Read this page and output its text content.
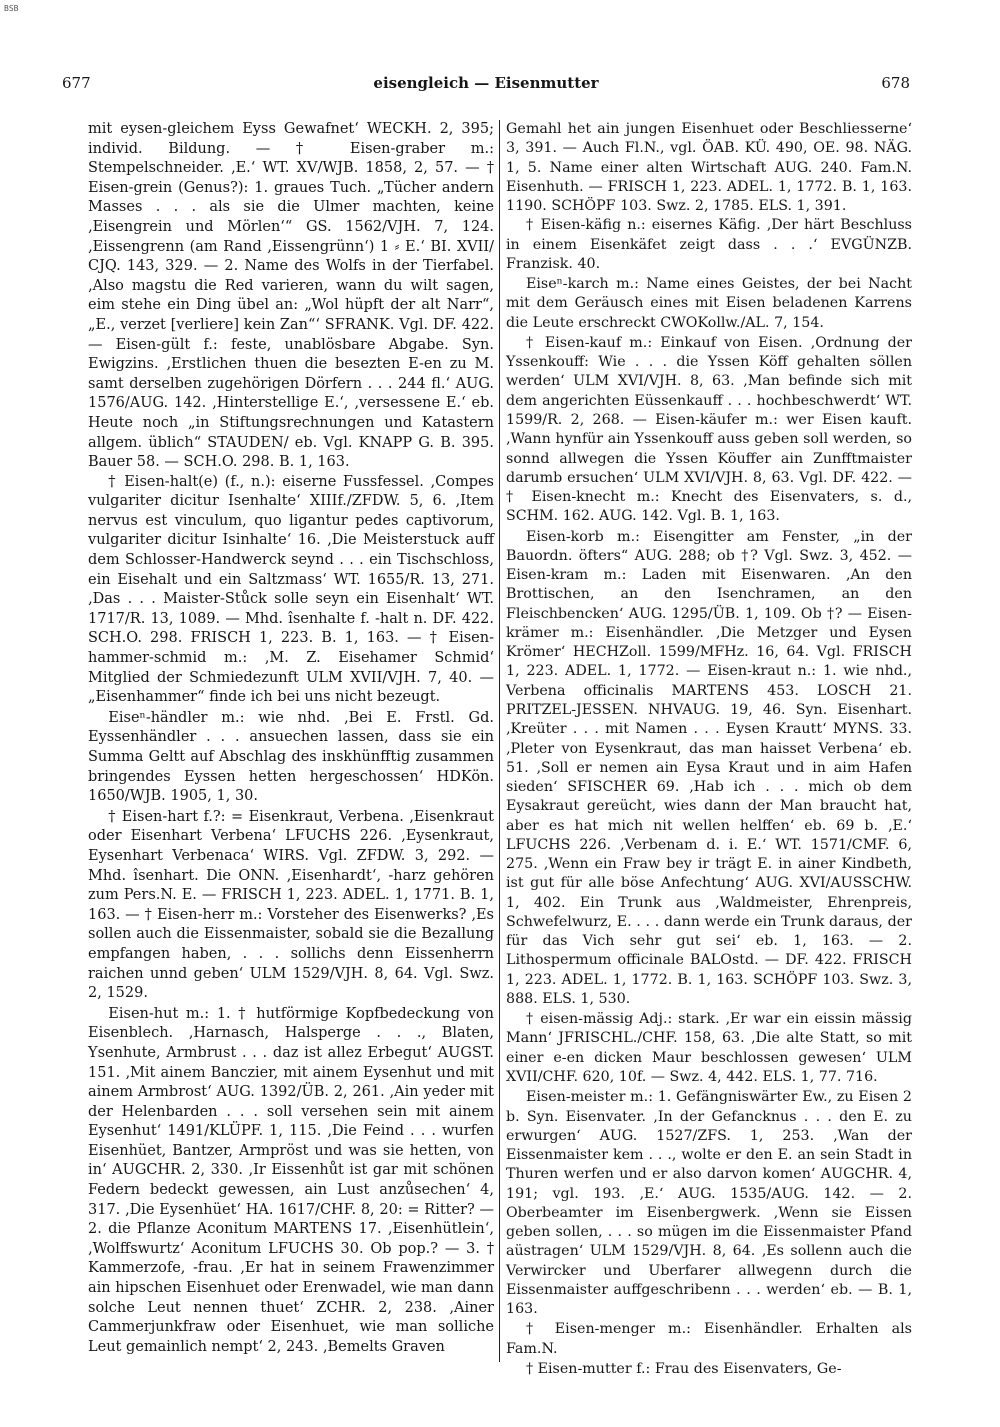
BSB
677	eisengleich — Eisenmutter	678

mit eysen-gleichem Eyss Gewafnet‘ WECKH. 2, 395; individ. Bildung. — † Eisen-graber m.: Stempelschneider. ‚E.‘ WT. XV/WJB. 1858, 2, 57. — † Eisen-grein (Genus?): 1. graues Tuch. „Tücher andern Masses . . . als sie die Ulmer machten, keine ‚Eisengrein und Mörlen‘“ GS. 1562/VJH. 7, 124. ‚Eissengrenn (am Rand ‚Eissengrünn‘) 1 ⸗ E.‘ BI. XVII/ CJQ. 143, 329. — 2. Name des Wolfs in der Tierfabel. ‚Also magstu die Red varieren, wann du wilt sagen, eim stehe ein Ding übel an: „Wol hüpft der alt Narr“, „E., verzet [verliere] kein Zan“‘ SFRANK. Vgl. DF. 422. — Eisen-gült f.: feste, unablösbare Abgabe. Syn. Ewigzins. ‚Erstlichen thuen die besezten E-en zu M. samt derselben zugehörigen Dörfern . . . 244 fl.‘ AUG. 1576/AUG. 142. ‚Hinterstellige E.‘, ‚versessene E.‘ eb. Heute noch „in Stiftungsrechnungen und Katastern allgem. üblich“ STAUDEN/ eb. Vgl. KNAPP G. B. 395. Bauer 58. — SCH.O. 298. B. 1, 163.

† Eisen-halt(e) (f., n.): eiserne Fussfessel. ‚Compes vulgariter dicitur Isenhalte‘ XIIIf./ZFDW. 5, 6. ‚Item nervus est vinculum, quo ligantur pedes captivorum, vulgariter dicitur Isinhalte‘ 16. ‚Die Meisterstuck auff dem Schlosser-Handwerck seynd . . . ein Tischschloss, ein Eisehalt und ein Saltzmass‘ WT. 1655/R. 13, 271. ‚Das . . . Maister-Stůck solle seyn ein Eisenhalt‘ WT. 1717/R. 13, 1089. — Mhd. îsenhalte f. -halt n. DF. 422. SCH.O. 298. FRISCH 1, 223. B. 1, 163. — † Eisen-hammer-schmid m.: ‚M. Z. Eisehamer Schmid‘ Mitglied der Schmiedezunft ULM XVII/VJH. 7, 40. — „Eisenhammer“ finde ich bei uns nicht bezeugt.

Eiseⁿ-händler m.: wie nhd. ‚Bei E. Frstl. Gd. Eyssenhändler . . . ansuechen lassen, dass sie ein Summa Geltt auf Abschlag des inskhünfftig zusammen bringendes Eyssen hetten hergeschossen‘ HDKön. 1650/WJB. 1905, 1, 30.

† Eisen-hart f.?: = Eisenkraut, Verbena. ‚Eisenkraut oder Eisenhart Verbena‘ LFUCHS 226. ‚Eysenkraut, Eysenhart Verbenaca‘ WIRS. Vgl. ZFDW. 3, 292. — Mhd. îsenhart. Die ONN. ‚Eisenhardt‘, -harz gehören zum Pers.N. E. — FRISCH 1, 223. ADEL. 1, 1771. B. 1, 163. — † Eisen-herr m.: Vorsteher des Eisenwerks? ‚Es sollen auch die Eissenmaister, sobald sie die Bezallung empfangen haben, . . . sollichs denn Eissenherrn raichen unnd geben‘ ULM 1529/VJH. 8, 64. Vgl. Swz. 2, 1529.

Eisen-hut m.: 1. † hutförmige Kopfbedeckung von Eisenblech. ‚Harnasch, Halsperge . . ., Blaten, Ysenhute, Armbrust . . . daz ist allez Erbegut‘ AUGST. 151. ‚Mit ainem Banczier, mit ainem Eysenhut und mit ainem Armbrost‘ AUG. 1392/ÜB. 2, 261. ‚Ain yeder mit der Helenbarden . . . soll versehen sein mit ainem Eysenhut‘ 1491/KLÜPF. 1, 115. ‚Die Feind . . . wurfen Eisenhüet, Bantzer, Armpröst und was sie hetten, von in‘ AUGCHR. 2, 330. ‚Ir Eissenhůt ist gar mit schönen Federn bedeckt gewessen, ain Lust anzůsechen‘ 4, 317. ‚Die Eysenhüet‘ HA. 1617/CHF. 8, 20: = Ritter? — 2. die Pflanze Aconitum MARTENS 17. ‚Eisenhütlein‘, ‚Wolffswurtz‘ Aconitum LFUCHS 30. Ob pop.? — 3. † Kammerzofe, -frau. ‚Er hat in seinem Frawenzimmer ain hipschen Eisenhuet oder Erenwadel, wie man dann solche Leut nennen thuet‘ ZCHR. 2, 238. ‚Ainer Cammerjunkfraw oder Eisenhuet, wie man solliche Leut gemainlich nempt‘ 2, 243. ‚Bemelts Graven

Gemahl het ain jungen Eisenhuet oder Beschliesserne‘ 3, 391. — Auch Fl.N., vgl. ÖAB. KÜ. 490, OE. 98. NÄG. 1, 5. Name einer alten Wirtschaft AUG. 240. Fam.N. Eisenhuth. — FRISCH 1, 223. ADEL. 1, 1772. B. 1, 163. 1190. SCHÖPF 103. Swz. 2, 1785. ELS. 1, 391.

† Eisen-käfig n.: eisernes Käfig. ‚Der härt Beschluss in einem Eisenkäfet zeigt dass . . .‘ EVGÜNZB. Franzisk. 40.

Eiseⁿ-karch m.: Name eines Geistes, der bei Nacht mit dem Geräusch eines mit Eisen beladenen Karrens die Leute erschreckt CWOKollw./AL. 7, 154.

† Eisen-kauf m.: Einkauf von Eisen. ‚Ordnung der Yssenkouff: Wie . . . die Yssen Köff gehalten söllen werden‘ ULM XVI/VJH. 8, 63. ‚Man befinde sich mit dem angerichten Eüssenkauff . . . hochbeschwerdt‘ WT. 1599/R. 2, 268. — Eisen-käufer m.: wer Eisen kauft. ‚Wann hynfür ain Yssenkouff auss geben soll werden, so sonnd allwegen die Yssen Köuffer ain Zunfftmaister darumb ersuchen‘ ULM XVI/VJH. 8, 63. Vgl. DF. 422. — † Eisen-knecht m.: Knecht des Eisenvaters, s. d., SCHM. 162. AUG. 142. Vgl. B. 1, 163.

Eisen-korb m.: Eisengitter am Fenster, „in der Bauordn. öfters“ AUG. 288; ob †? Vgl. Swz. 3, 452. — Eisen-kram m.: Laden mit Eisenwaren. ‚An den Brottischen, an den Isenchramen, an den Fleischbencken‘ AUG. 1295/ÜB. 1, 109. Ob †? — Eisen-krämer m.: Eisenhändler. ‚Die Metzger und Eysen Krömer‘ HECHZoll. 1599/MFHz. 16, 64. Vgl. FRISCH 1, 223. ADEL. 1, 1772. — Eisen-kraut n.: 1. wie nhd., Verbena officinalis MARTENS 453. LOSCH 21. PRITZEL-JESSEN. NHVAUG. 19, 46. Syn. Eisenhart. ‚Kreüter . . . mit Namen . . . Eysen Krautt‘ MYNS. 33. ‚Pleter von Eysenkraut, das man haisset Verbena‘ eb. 51. ‚Soll er nemen ain Eysa Kraut und in aim Hafen sieden‘ SFISCHER 69. ‚Hab ich . . . mich ob dem Eysakraut gereücht, wies dann der Man braucht hat, aber es hat mich nit wellen helffen‘ eb. 69 b. ‚E.‘ LFUCHS 226. ‚Verbenam d. i. E.‘ WT. 1571/CMF. 6, 275. ‚Wenn ein Fraw bey ir trägt E. in ainer Kindbeth, ist gut für alle böse Anfechtung‘ AUG. XVI/AUSSCHW. 1, 402. Ein Trunk aus ‚Waldmeister, Ehrenpreis, Schwefelwurz, E. . . . dann werde ein Trunk daraus, der für das Vich sehr gut sei‘ eb. 1, 163. — 2. Lithospermum officinale BALOstd. — DF. 422. FRISCH 1, 223. ADEL. 1, 1772. B. 1, 163. SCHÖPF 103. Swz. 3, 888. ELS. 1, 530.

† eisen-mässig Adj.: stark. ‚Er war ein eissin mässig Mann‘ JFRISCHL./CHF. 158, 63. ‚Die alte Statt, so mit einer e-en dicken Maur beschlossen gewesen‘ ULM XVII/CHF. 620, 10f. — Swz. 4, 442. ELS. 1, 77. 716.

Eisen-meister m.: 1. Gefängniswärter Ew., zu Eisen 2 b. Syn. Eisenvater. ‚In der Gefancknus . . . den E. zu erwurgen‘ AUG. 1527/ZFS. 1, 253. ‚Wan der Eissenmaister kem . . ., wolte er den E. an sein Stadt in Thuren werfen und er also darvon komen‘ AUGCHR. 4, 191; vgl. 193. ‚E.‘ AUG. 1535/AUG. 142. — 2. Oberbeamter im Eisenbergwerk. ‚Wenn sie Eissen geben sollen, . . . so mügen im die Eissenmaister Pfand aüstragen‘ ULM 1529/VJH. 8, 64. ‚Es sollenn auch die Verwircker und Uberfarer allwegenn durch die Eissenmaister auffgeschribenn . . . werden‘ eb. — B. 1, 163.

† Eisen-menger m.: Eisenhändler. Erhalten als Fam.N.

† Eisen-mutter f.: Frau des Eisenvaters, Ge-
